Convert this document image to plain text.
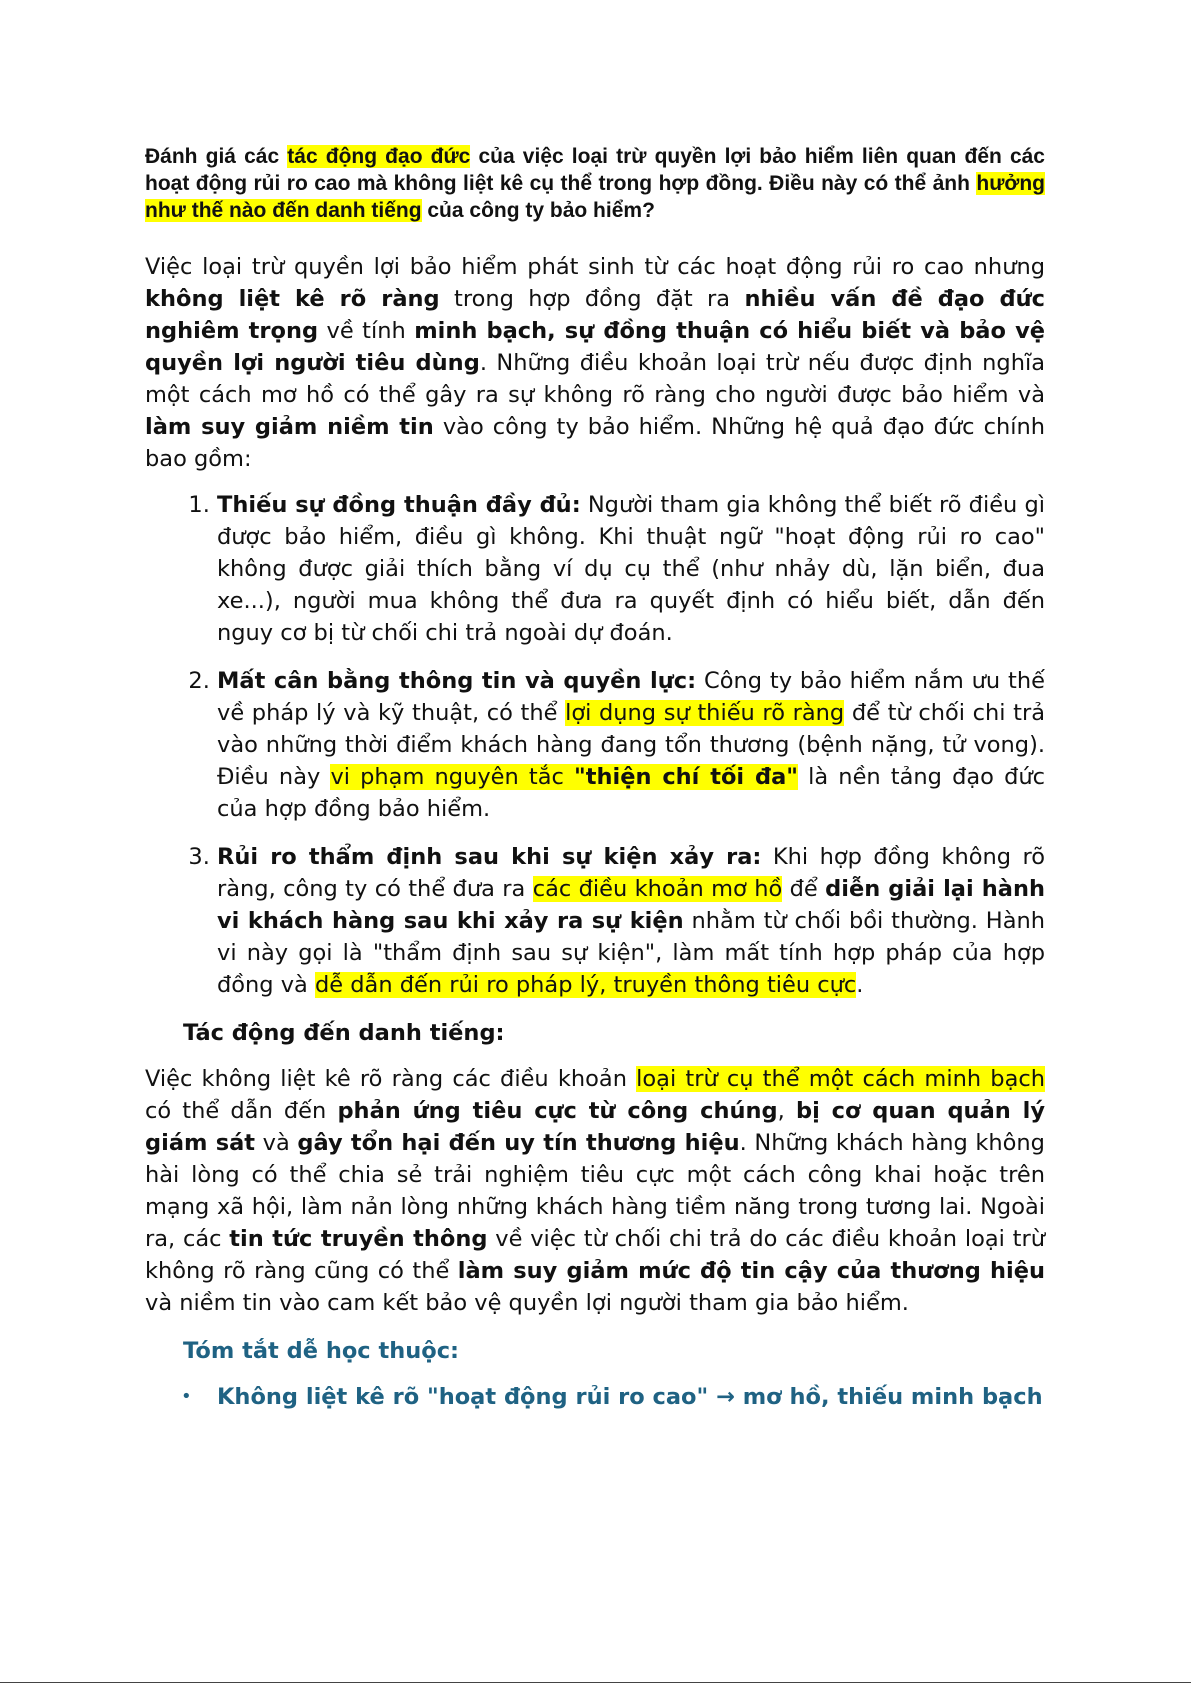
Đánh giá các tác động đạo đức của việc loại trừ quyền lợi bảo hiểm liên quan đến các hoạt động rủi ro cao mà không liệt kê cụ thể trong hợp đồng. Điều này có thể ảnh hưởng như thế nào đến danh tiếng của công ty bảo hiểm?

Việc loại trừ quyền lợi bảo hiểm phát sinh từ các hoạt động rủi ro cao nhưng không liệt kê rõ ràng trong hợp đồng đặt ra nhiều vấn đề đạo đức nghiêm trọng về tính minh bạch, sự đồng thuận có hiểu biết và bảo vệ quyền lợi người tiêu dùng. Những điều khoản loại trừ nếu được định nghĩa một cách mơ hồ có thể gây ra sự không rõ ràng cho người được bảo hiểm và làm suy giảm niềm tin vào công ty bảo hiểm. Những hệ quả đạo đức chính bao gồm:

1. Thiếu sự đồng thuận đầy đủ: Người tham gia không thể biết rõ điều gì được bảo hiểm, điều gì không. Khi thuật ngữ "hoạt động rủi ro cao" không được giải thích bằng ví dụ cụ thể (như nhảy dù, lặn biển, đua xe...), người mua không thể đưa ra quyết định có hiểu biết, dẫn đến nguy cơ bị từ chối chi trả ngoài dự đoán.
2. Mất cân bằng thông tin và quyền lực: Công ty bảo hiểm nắm ưu thế về pháp lý và kỹ thuật, có thể lợi dụng sự thiếu rõ ràng để từ chối chi trả vào những thời điểm khách hàng đang tổn thương (bệnh nặng, tử vong). Điều này vi phạm nguyên tắc "thiện chí tối đa" là nền tảng đạo đức của hợp đồng bảo hiểm.
3. Rủi ro thẩm định sau khi sự kiện xảy ra: Khi hợp đồng không rõ ràng, công ty có thể đưa ra các điều khoản mơ hồ để diễn giải lại hành vi khách hàng sau khi xảy ra sự kiện nhằm từ chối bồi thường. Hành vi này gọi là "thẩm định sau sự kiện", làm mất tính hợp pháp của hợp đồng và dễ dẫn đến rủi ro pháp lý, truyền thông tiêu cực.

Tác động đến danh tiếng:

Việc không liệt kê rõ ràng các điều khoản loại trừ cụ thể một cách minh bạch có thể dẫn đến phản ứng tiêu cực từ công chúng, bị cơ quan quản lý giám sát và gây tổn hại đến uy tín thương hiệu. Những khách hàng không hài lòng có thể chia sẻ trải nghiệm tiêu cực một cách công khai hoặc trên mạng xã hội, làm nản lòng những khách hàng tiềm năng trong tương lai. Ngoài ra, các tin tức truyền thông về việc từ chối chi trả do các điều khoản loại trừ không rõ ràng cũng có thể làm suy giảm mức độ tin cậy của thương hiệu và niềm tin vào cam kết bảo vệ quyền lợi người tham gia bảo hiểm.

Tóm tắt dễ học thuộc:

• Không liệt kê rõ "hoạt động rủi ro cao" → mơ hồ, thiếu minh bạch
